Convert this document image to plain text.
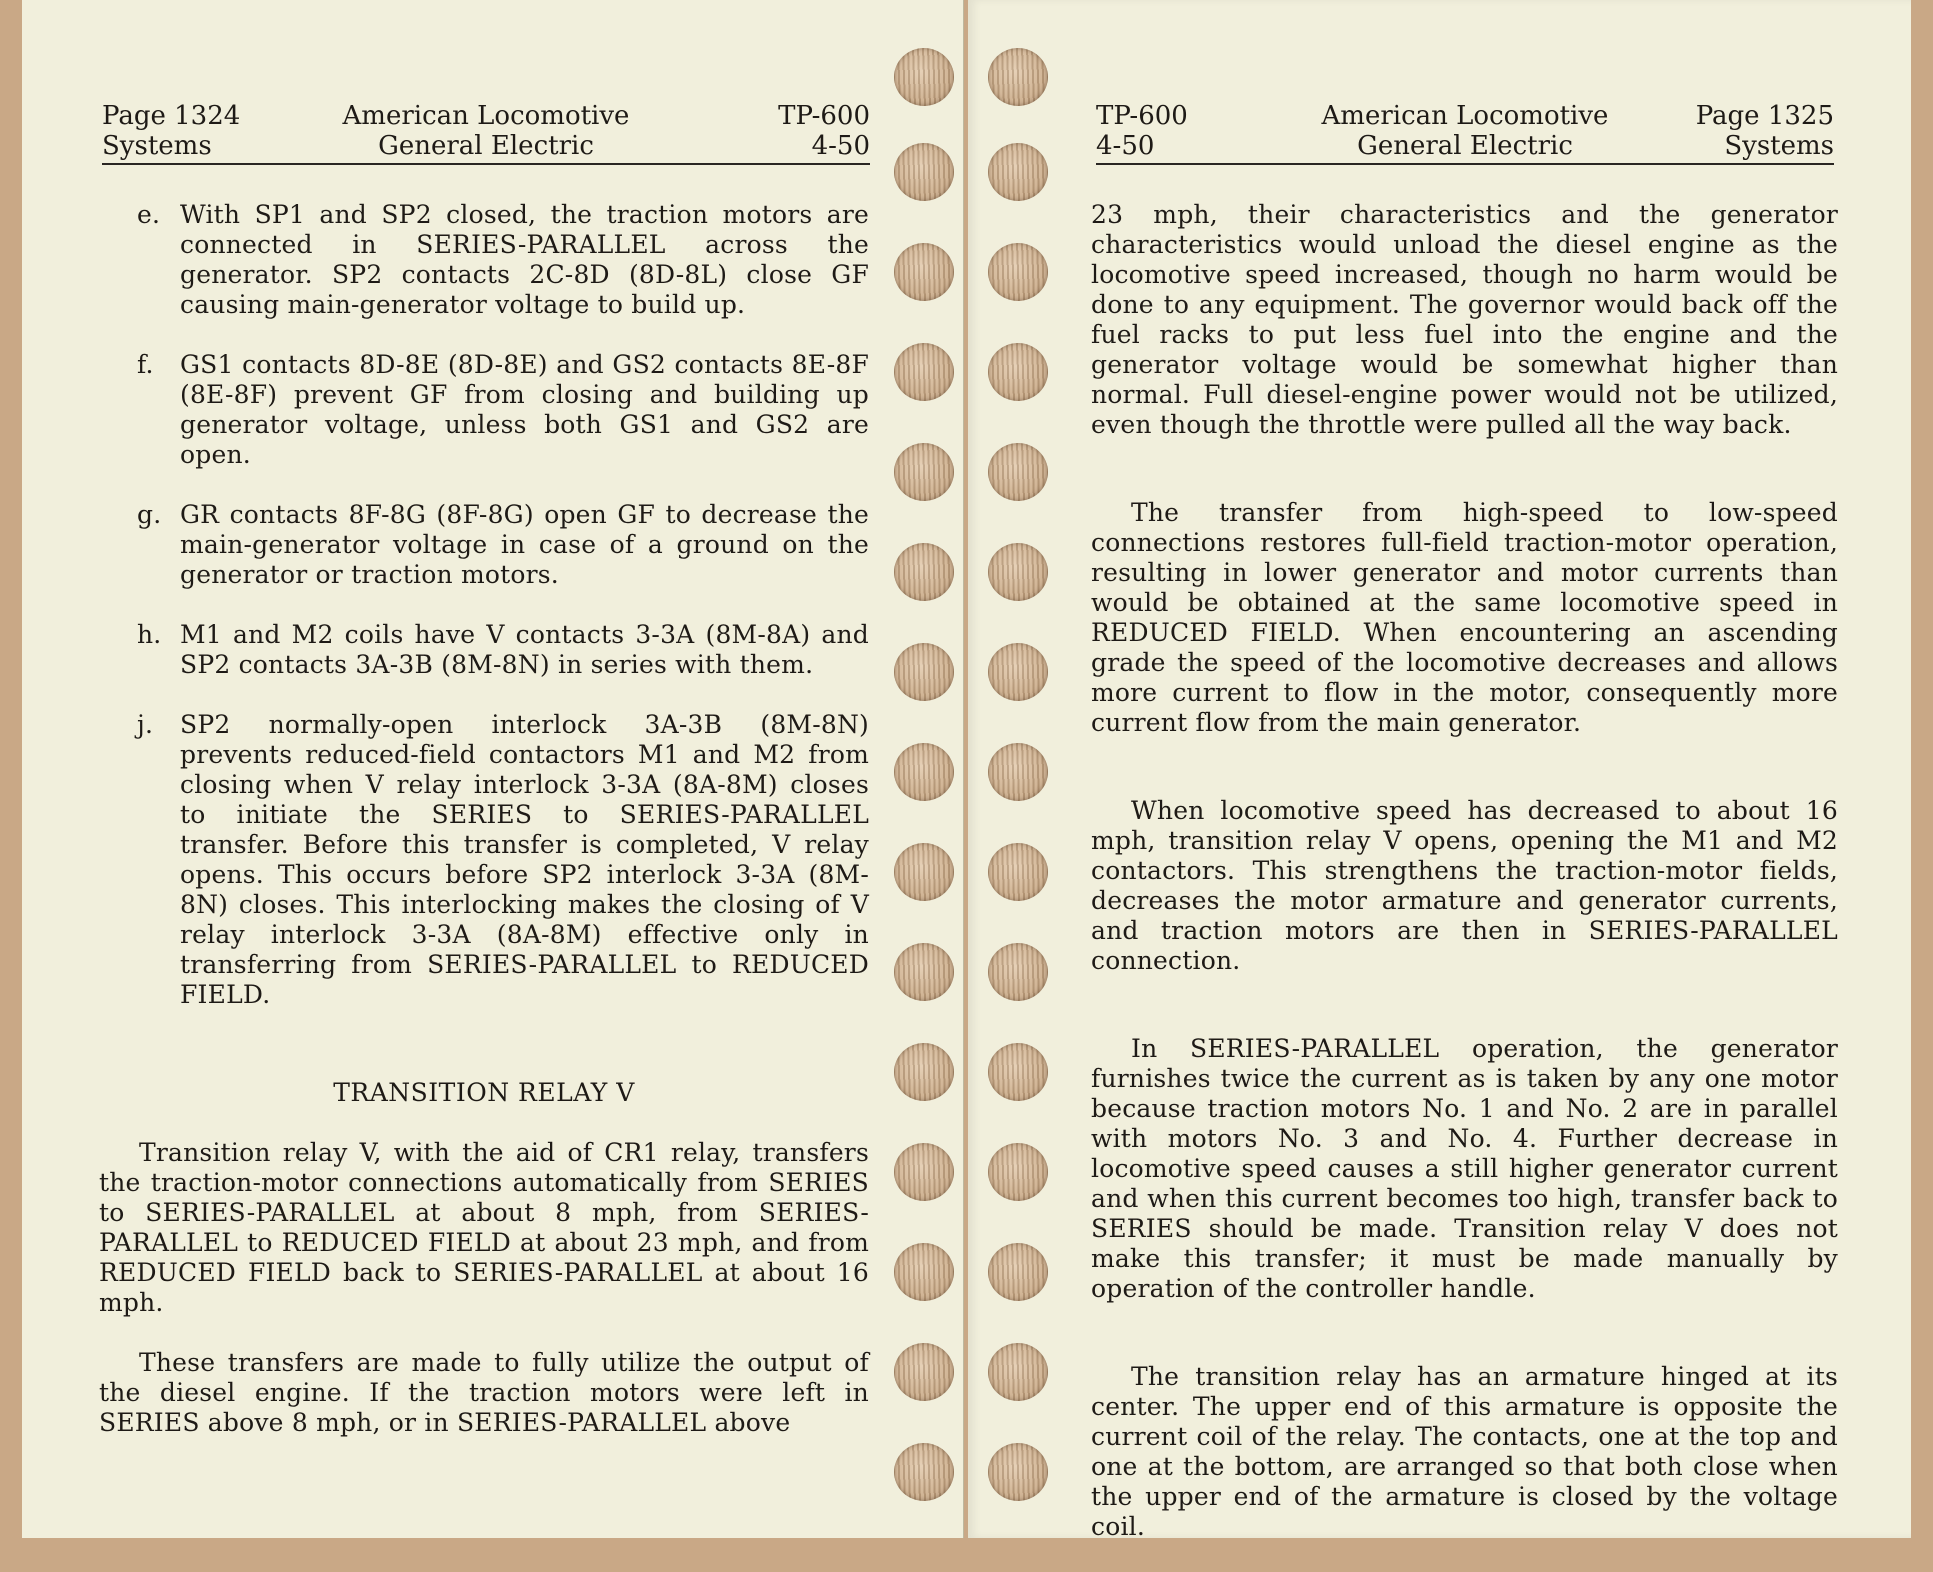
Page 1324
Systems
American Locomotive
General Electric
TP-600
4-50
e. With SP1 and SP2 closed, the traction motors are connected in SERIES-PARALLEL across the generator. SP2 contacts 2C-8D (8D-8L) close GF causing main-generator voltage to build up.
f. GS1 contacts 8D-8E (8D-8E) and GS2 contacts 8E-8F (8E-8F) prevent GF from closing and building up generator voltage, unless both GS1 and GS2 are open.
g. GR contacts 8F-8G (8F-8G) open GF to decrease the main-generator voltage in case of a ground on the generator or traction motors.
h. M1 and M2 coils have V contacts 3-3A (8M-8A) and SP2 contacts 3A-3B (8M-8N) in series with them.
j. SP2 normally-open interlock 3A-3B (8M-8N) prevents reduced-field contactors M1 and M2 from closing when V relay interlock 3-3A (8A-8M) closes to initiate the SERIES to SERIES-PARALLEL transfer. Before this transfer is completed, V relay opens. This occurs before SP2 interlock 3-3A (8M-8N) closes. This interlocking makes the closing of V relay interlock 3-3A (8A-8M) effective only in transferring from SERIES-PARALLEL to REDUCED FIELD.
TRANSITION RELAY V

Transition relay V, with the aid of CR1 relay, transfers the traction-motor connections automatically from SERIES to SERIES-PARALLEL at about 8 mph, from SERIES-PARALLEL to REDUCED FIELD at about 23 mph, and from REDUCED FIELD back to SERIES-PARALLEL at about 16 mph.

These transfers are made to fully utilize the output of the diesel engine. If the traction motors were left in SERIES above 8 mph, or in SERIES-PARALLEL above

TP-600
4-50
American Locomotive
General Electric
Page 1325
Systems

23 mph, their characteristics and the generator characteristics would unload the diesel engine as the locomotive speed increased, though no harm would be done to any equipment. The governor would back off the fuel racks to put less fuel into the engine and the generator voltage would be somewhat higher than normal. Full diesel-engine power would not be utilized, even though the throttle were pulled all the way back.

The transfer from high-speed to low-speed connections restores full-field traction-motor operation, resulting in lower generator and motor currents than would be obtained at the same locomotive speed in REDUCED FIELD. When encountering an ascending grade the speed of the locomotive decreases and allows more current to flow in the motor, consequently more current flow from the main generator.

When locomotive speed has decreased to about 16 mph, transition relay V opens, opening the M1 and M2 contactors. This strengthens the traction-motor fields, decreases the motor armature and generator currents, and traction motors are then in SERIES-PARALLEL connection.

In SERIES-PARALLEL operation, the generator furnishes twice the current as is taken by any one motor because traction motors No. 1 and No. 2 are in parallel with motors No. 3 and No. 4. Further decrease in locomotive speed causes a still higher generator current and when this current becomes too high, transfer back to SERIES should be made. Transition relay V does not make this transfer; it must be made manually by operation of the controller handle.

The transition relay has an armature hinged at its center. The upper end of this armature is opposite the current coil of the relay. The contacts, one at the top and one at the bottom, are arranged so that both close when the upper end of the armature is closed by the voltage coil.
